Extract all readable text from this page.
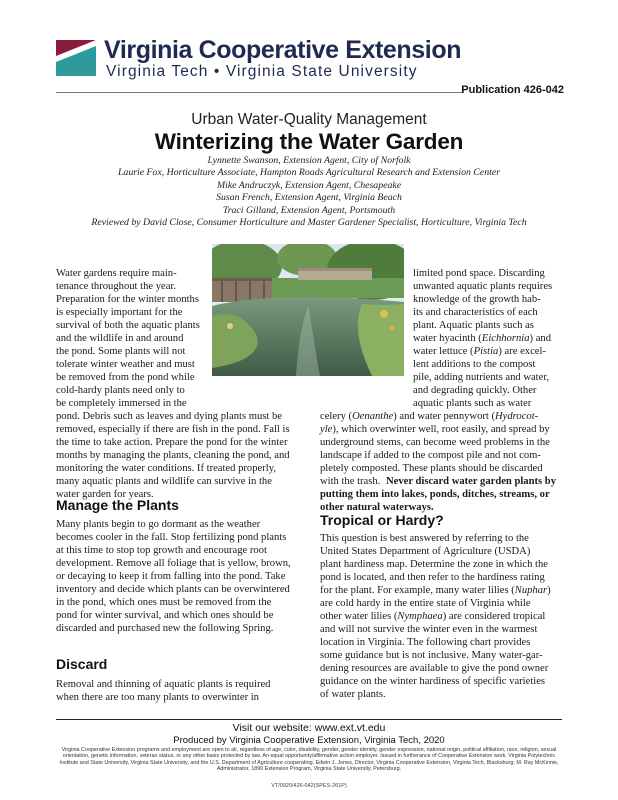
Virginia Cooperative Extension
Virginia Tech • Virginia State University
Publication 426-042
Urban Water-Quality Management
Winterizing the Water Garden
Lynnette Swanson, Extension Agent, City of Norfolk
Laurie Fox, Horticulture Associate, Hampton Roads Agricultural Research and Extension Center
Mike Andruczyk, Extension Agent, Chesapeake
Susan French, Extension Agent, Virginia Beach
Traci Gilland, Extension Agent, Portsmouth
Reviewed by David Close, Consumer Horticulture and Master Gardener Specialist, Horticulture, Virginia Tech
Water gardens require main-
tenance throughout the year.
Preparation for the winter months
is especially important for the
survival of both the aquatic plants
and the wildlife in and around
the pond. Some plants will not
tolerate winter weather and must
be removed from the pond while
cold-hardy plants need only to
be completely immersed in the
pond. Debris such as leaves and dying plants must be
removed, especially if there are fish in the pond. Fall is
the time to take action. Prepare the pond for the winter
months by managing the plants, cleaning the pond, and
monitoring the water conditions. If treated properly,
many aquatic plants and wildlife can survive in the
water garden for years.
Manage the Plants
Many plants begin to go dormant as the weather
becomes cooler in the fall. Stop fertilizing pond plants
at this time to stop top growth and encourage root
development. Remove all foliage that is yellow, brown,
or decaying to keep it from falling into the pond. Take
inventory and decide which plants can be overwintered
in the pond, which ones must be removed from the
pond for winter survival, and which ones should be
discarded and purchased new the following Spring.
Discard
Removal and thinning of aquatic plants is required
when there are too many plants to overwinter in
limited pond space. Discarding
unwanted aquatic plants requires
knowledge of the growth hab-
its and characteristics of each
plant. Aquatic plants such as
water hyacinth (Eichhornia) and
water lettuce (Pistia) are excel-
lent additions to the compost
pile, adding nutrients and water,
and degrading quickly. Other
aquatic plants such as water
celery (Oenanthe) and water pennywort (Hydrocot-
yle), which overwinter well, root easily, and spread by
underground stems, can become weed problems in the
landscape if added to the compost pile and not com-
pletely composted. These plants should be discarded
with the trash. Never discard water garden plants by
putting them into lakes, ponds, ditches, streams, or
other natural waterways.
Tropical or Hardy?
This question is best answered by referring to the
United States Department of Agriculture (USDA)
plant hardiness map. Determine the zone in which the
pond is located, and then refer to the hardiness rating
for the plant. For example, many water lilies (Nuphar)
are cold hardy in the entire state of Virginia while
other water lilies (Nymphaea) are considered tropical
and will not survive the winter even in the warmest
location in Virginia. The following chart provides
some guidance but is not inclusive. Many water-gar-
dening resources are available to give the pond owner
guidance on the winter hardiness of specific varieties
of water plants.
Visit our website: www.ext.vt.edu
Produced by Virginia Cooperative Extension, Virginia Tech, 2020
Virginia Cooperative Extension programs and employment are open to all, regardless of age, color, disability, gender, gender identity, gender expression, national origin, political affiliation, race, religion, sexual orientation, genetic information, veteran status, or any other basis protected by law. An equal opportunity/affirmative action employer. Issued in furtherance of Cooperative Extension work, Virginia Polytechnic Institute and State University, Virginia State University, and the U.S. Department of Agriculture cooperating. Edwin J. Jones, Director, Virginia Cooperative Extension, Virginia Tech, Blacksburg; M. Ray McKinnie, Administrator, 1890 Extension Program, Virginia State University, Petersburg.
VT/0920/426-042(SPES-261P)
